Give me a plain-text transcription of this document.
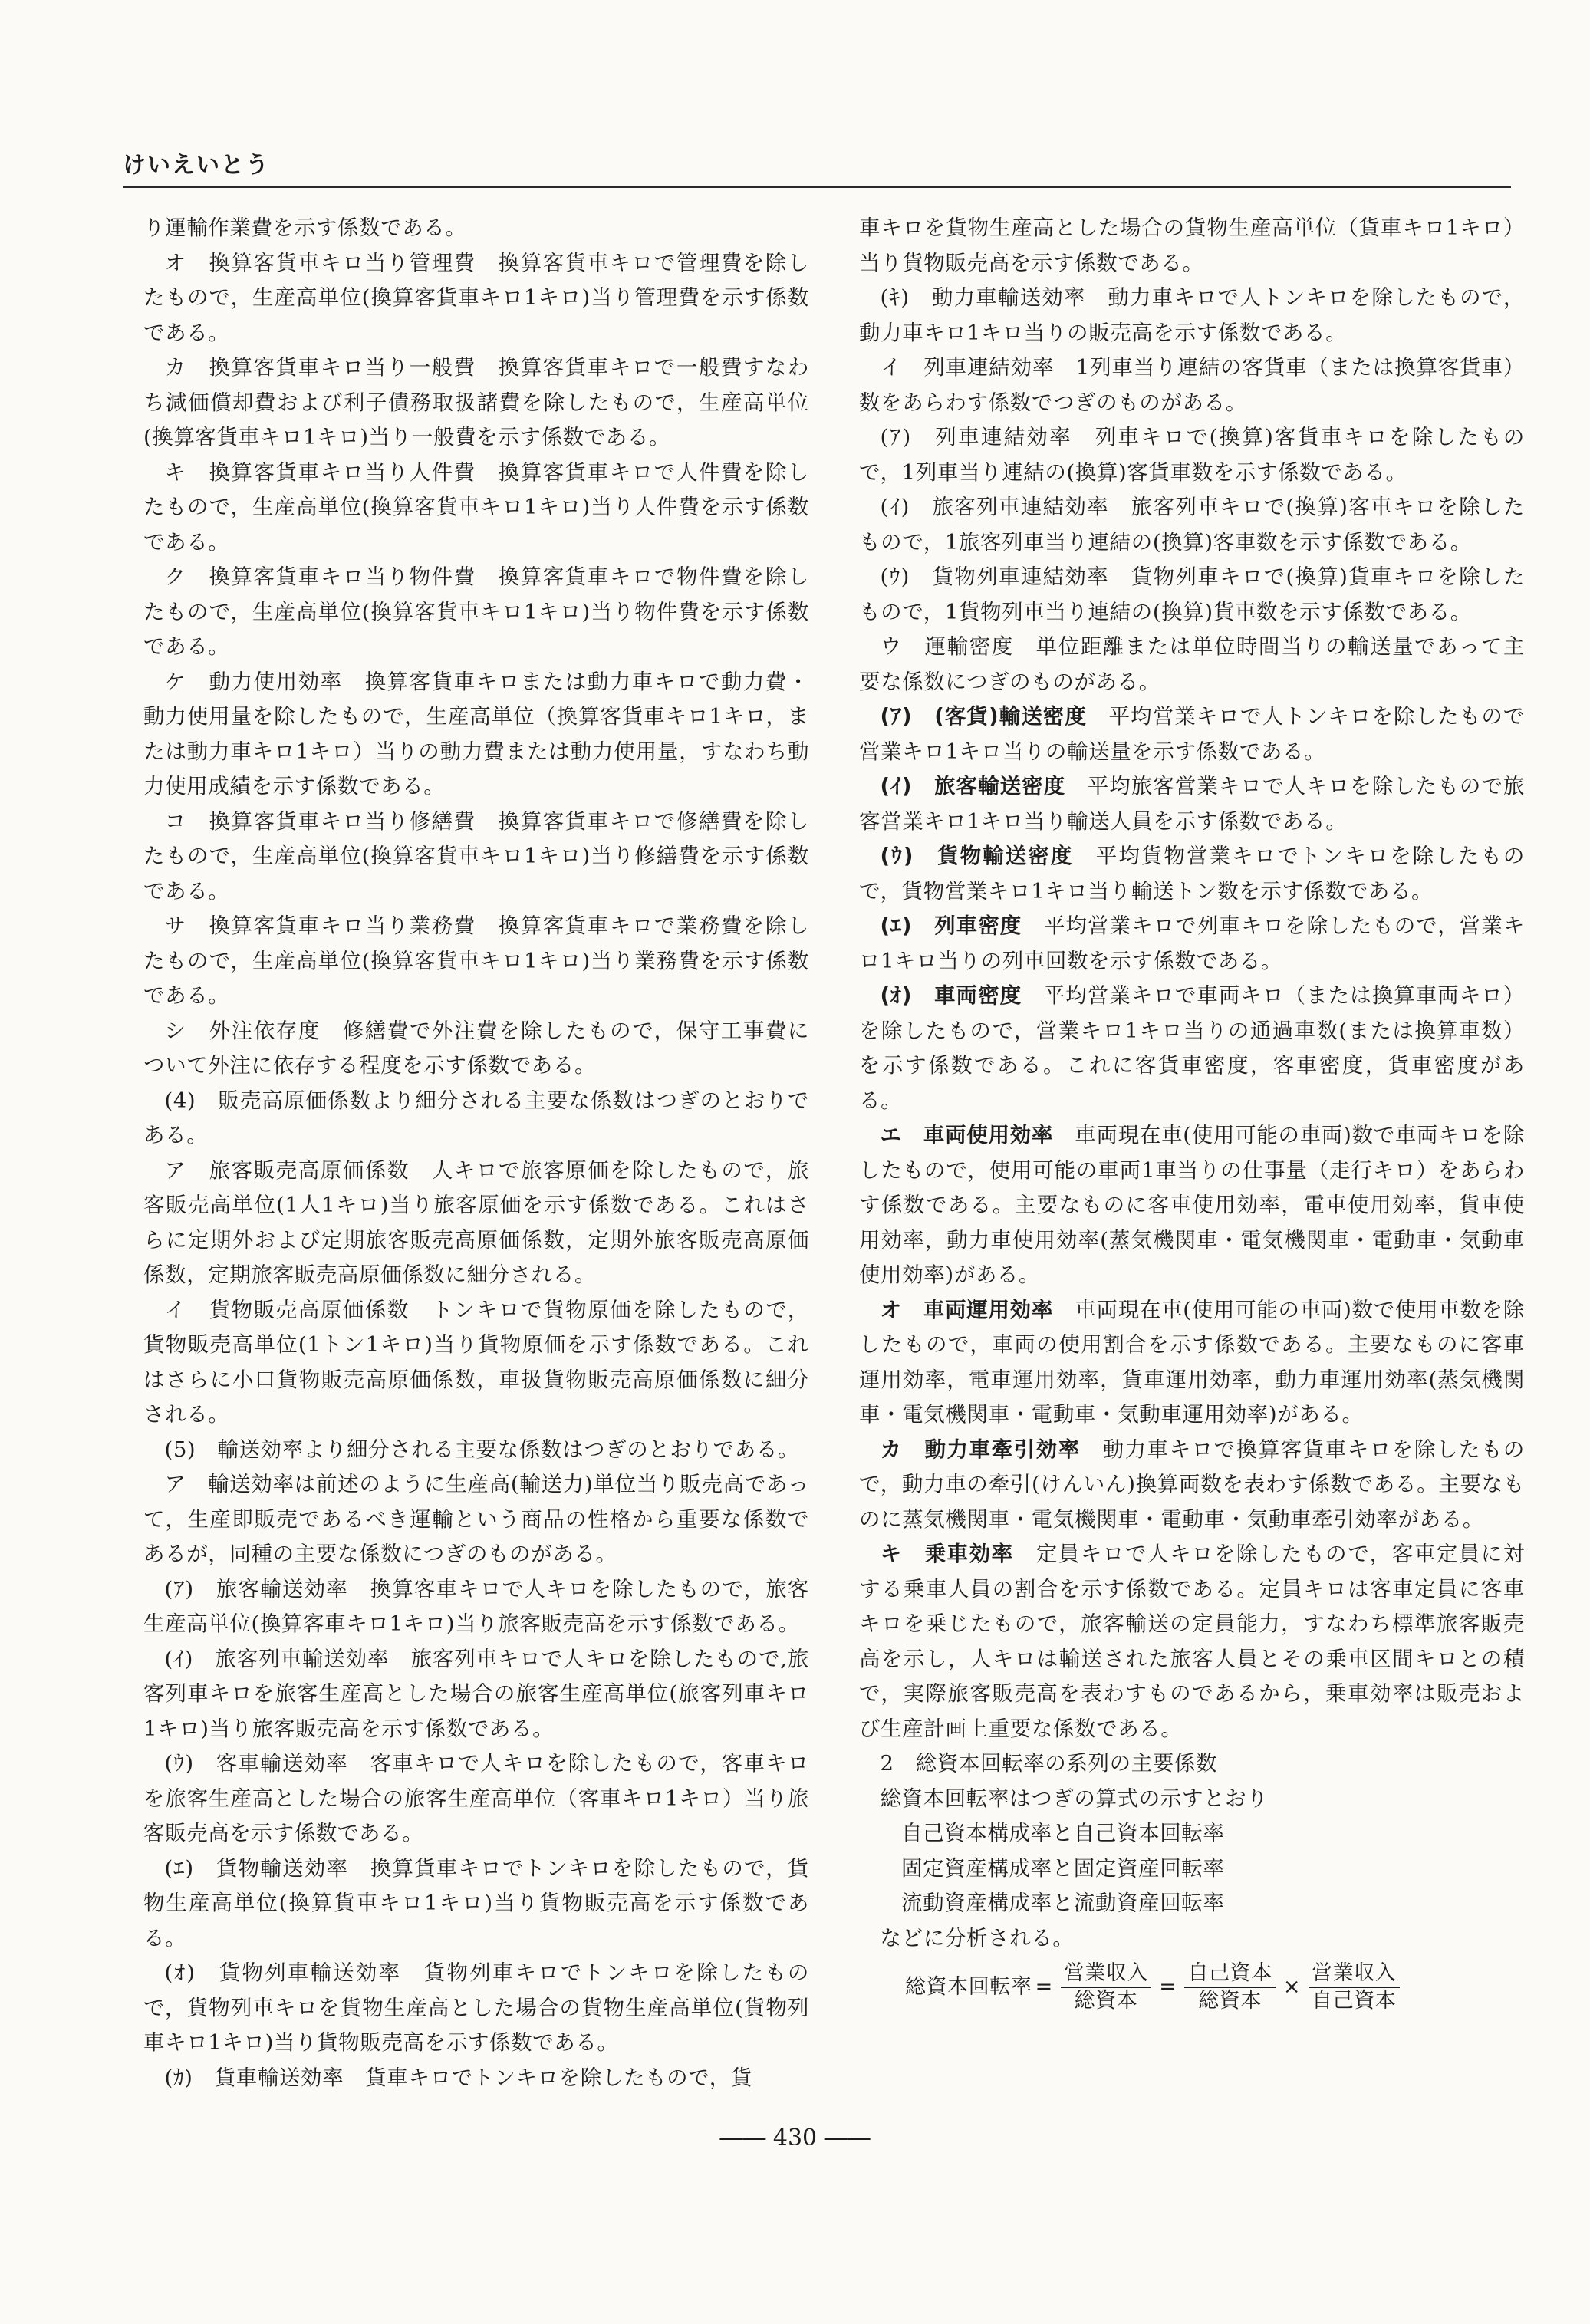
けいえいとう

り運輸作業費を示す係数である。

オ　換算客貨車キロ当り管理費　換算客貨車キロで管理費を除したもので，生産高単位(換算客貨車キロ1キロ)当り管理費を示す係数である。

カ　換算客貨車キロ当り一般費　換算客貨車キロで一般費すなわち減価償却費および利子債務取扱諸費を除したもので，生産高単位(換算客貨車キロ1キロ)当り一般費を示す係数である。

キ　換算客貨車キロ当り人件費　換算客貨車キロで人件費を除したもので，生産高単位(換算客貨車キロ1キロ)当り人件費を示す係数である。

ク　換算客貨車キロ当り物件費　換算客貨車キロで物件費を除したもので，生産高単位(換算客貨車キロ1キロ)当り物件費を示す係数である。

ケ　動力使用効率　換算客貨車キロまたは動力車キロで動力費・動力使用量を除したもので，生産高単位（換算客貨車キロ1キロ，または動力車キロ1キロ）当りの動力費または動力使用量，すなわち動力使用成績を示す係数である。

コ　換算客貨車キロ当り修繕費　換算客貨車キロで修繕費を除したもので，生産高単位(換算客貨車キロ1キロ)当り修繕費を示す係数である。

サ　換算客貨車キロ当り業務費　換算客貨車キロで業務費を除したもので，生産高単位(換算客貨車キロ1キロ)当り業務費を示す係数である。

シ　外注依存度　修繕費で外注費を除したもので，保守工事費について外注に依存する程度を示す係数である。

(4)　販売高原価係数より細分される主要な係数はつぎのとおりである。

ア　旅客販売高原価係数　人キロで旅客原価を除したもので，旅客販売高単位(1人1キロ)当り旅客原価を示す係数である。これはさらに定期外および定期旅客販売高原価係数，定期外旅客販売高原価係数，定期旅客販売高原価係数に細分される。

イ　貨物販売高原価係数　トンキロで貨物原価を除したもので，貨物販売高単位(1トン1キロ)当り貨物原価を示す係数である。これはさらに小口貨物販売高原価係数，車扱貨物販売高原価係数に細分される。

(5)　輸送効率より細分される主要な係数はつぎのとおりである。

ア　輸送効率は前述のように生産高(輸送力)単位当り販売高であって，生産即販売であるべき運輸という商品の性格から重要な係数であるが，同種の主要な係数につぎのものがある。

(ｱ)　旅客輸送効率　換算客車キロで人キロを除したもので，旅客生産高単位(換算客車キロ1キロ)当り旅客販売高を示す係数である。

(ｲ)　旅客列車輸送効率　旅客列車キロで人キロを除したもので,旅客列車キロを旅客生産高とした場合の旅客生産高単位(旅客列車キロ1キロ)当り旅客販売高を示す係数である。

(ｳ)　客車輸送効率　客車キロで人キロを除したもので，客車キロを旅客生産高とした場合の旅客生産高単位（客車キロ1キロ）当り旅客販売高を示す係数である。

(ｴ)　貨物輸送効率　換算貨車キロでトンキロを除したもので，貨物生産高単位(換算貨車キロ1キロ)当り貨物販売高を示す係数である。

(ｵ)　貨物列車輸送効率　貨物列車キロでトンキロを除したもので，貨物列車キロを貨物生産高とした場合の貨物生産高単位(貨物列車キロ1キロ)当り貨物販売高を示す係数である。

(ｶ)　貨車輸送効率　貨車キロでトンキロを除したもので，貨

車キロを貨物生産高とした場合の貨物生産高単位（貨車キロ1キロ）当り貨物販売高を示す係数である。

(ｷ)　動力車輸送効率　動力車キロで人トンキロを除したもので，動力車キロ1キロ当りの販売高を示す係数である。

イ　列車連結効率　1列車当り連結の客貨車（または換算客貨車）数をあらわす係数でつぎのものがある。

(ｱ)　列車連結効率　列車キロで(換算)客貨車キロを除したもので，1列車当り連結の(換算)客貨車数を示す係数である。

(ｲ)　旅客列車連結効率　旅客列車キロで(換算)客車キロを除したもので，1旅客列車当り連結の(換算)客車数を示す係数である。

(ｳ)　貨物列車連結効率　貨物列車キロで(換算)貨車キロを除したもので，1貨物列車当り連結の(換算)貨車数を示す係数である。

ウ　運輸密度　単位距離または単位時間当りの輸送量であって主要な係数につぎのものがある。

(ｱ)　(客貨)輸送密度　平均営業キロで人トンキロを除したもので営業キロ1キロ当りの輸送量を示す係数である。

(ｲ)　旅客輸送密度　平均旅客営業キロで人キロを除したもので旅客営業キロ1キロ当り輸送人員を示す係数である。

(ｳ)　貨物輸送密度　平均貨物営業キロでトンキロを除したもので，貨物営業キロ1キロ当り輸送トン数を示す係数である。

(ｴ)　列車密度　平均営業キロで列車キロを除したもので，営業キロ1キロ当りの列車回数を示す係数である。

(ｵ)　車両密度　平均営業キロで車両キロ（または換算車両キロ）を除したもので，営業キロ1キロ当りの通過車数(または換算車数）を示す係数である。これに客貨車密度，客車密度，貨車密度がある。

エ　車両使用効率　車両現在車(使用可能の車両)数で車両キロを除したもので，使用可能の車両1車当りの仕事量（走行キロ）をあらわす係数である。主要なものに客車使用効率，電車使用効率，貨車使用効率，動力車使用効率(蒸気機関車・電気機関車・電動車・気動車使用効率)がある。

オ　車両運用効率　車両現在車(使用可能の車両)数で使用車数を除したもので，車両の使用割合を示す係数である。主要なものに客車運用効率，電車運用効率，貨車運用効率，動力車運用効率(蒸気機関車・電気機関車・電動車・気動車運用効率)がある。

カ　動力車牽引効率　動力車キロで換算客貨車キロを除したもので，動力車の牽引(けんいん)換算両数を表わす係数である。主要なものに蒸気機関車・電気機関車・電動車・気動車牽引効率がある。

キ　乗車効率　定員キロで人キロを除したもので，客車定員に対する乗車人員の割合を示す係数である。定員キロは客車定員に客車キロを乗じたもので，旅客輸送の定員能力，すなわち標準旅客販売高を示し，人キロは輸送された旅客人員とその乗車区間キロとの積で，実際旅客販売高を表わすものであるから，乗車効率は販売および生産計画上重要な係数である。

2　総資本回転率の系列の主要係数

総資本回転率はつぎの算式の示すとおり

自己資本構成率と自己資本回転率

固定資産構成率と固定資産回転率

流動資産構成率と流動資産回転率

などに分析される。

総資本回転率 = $\frac{\text{営業収入}}{\text{総資本}} = \frac{\text{自己資本}}{\text{総資本}} \times \frac{\text{営業収入}}{\text{自己資本}}$
―― 430 ――
